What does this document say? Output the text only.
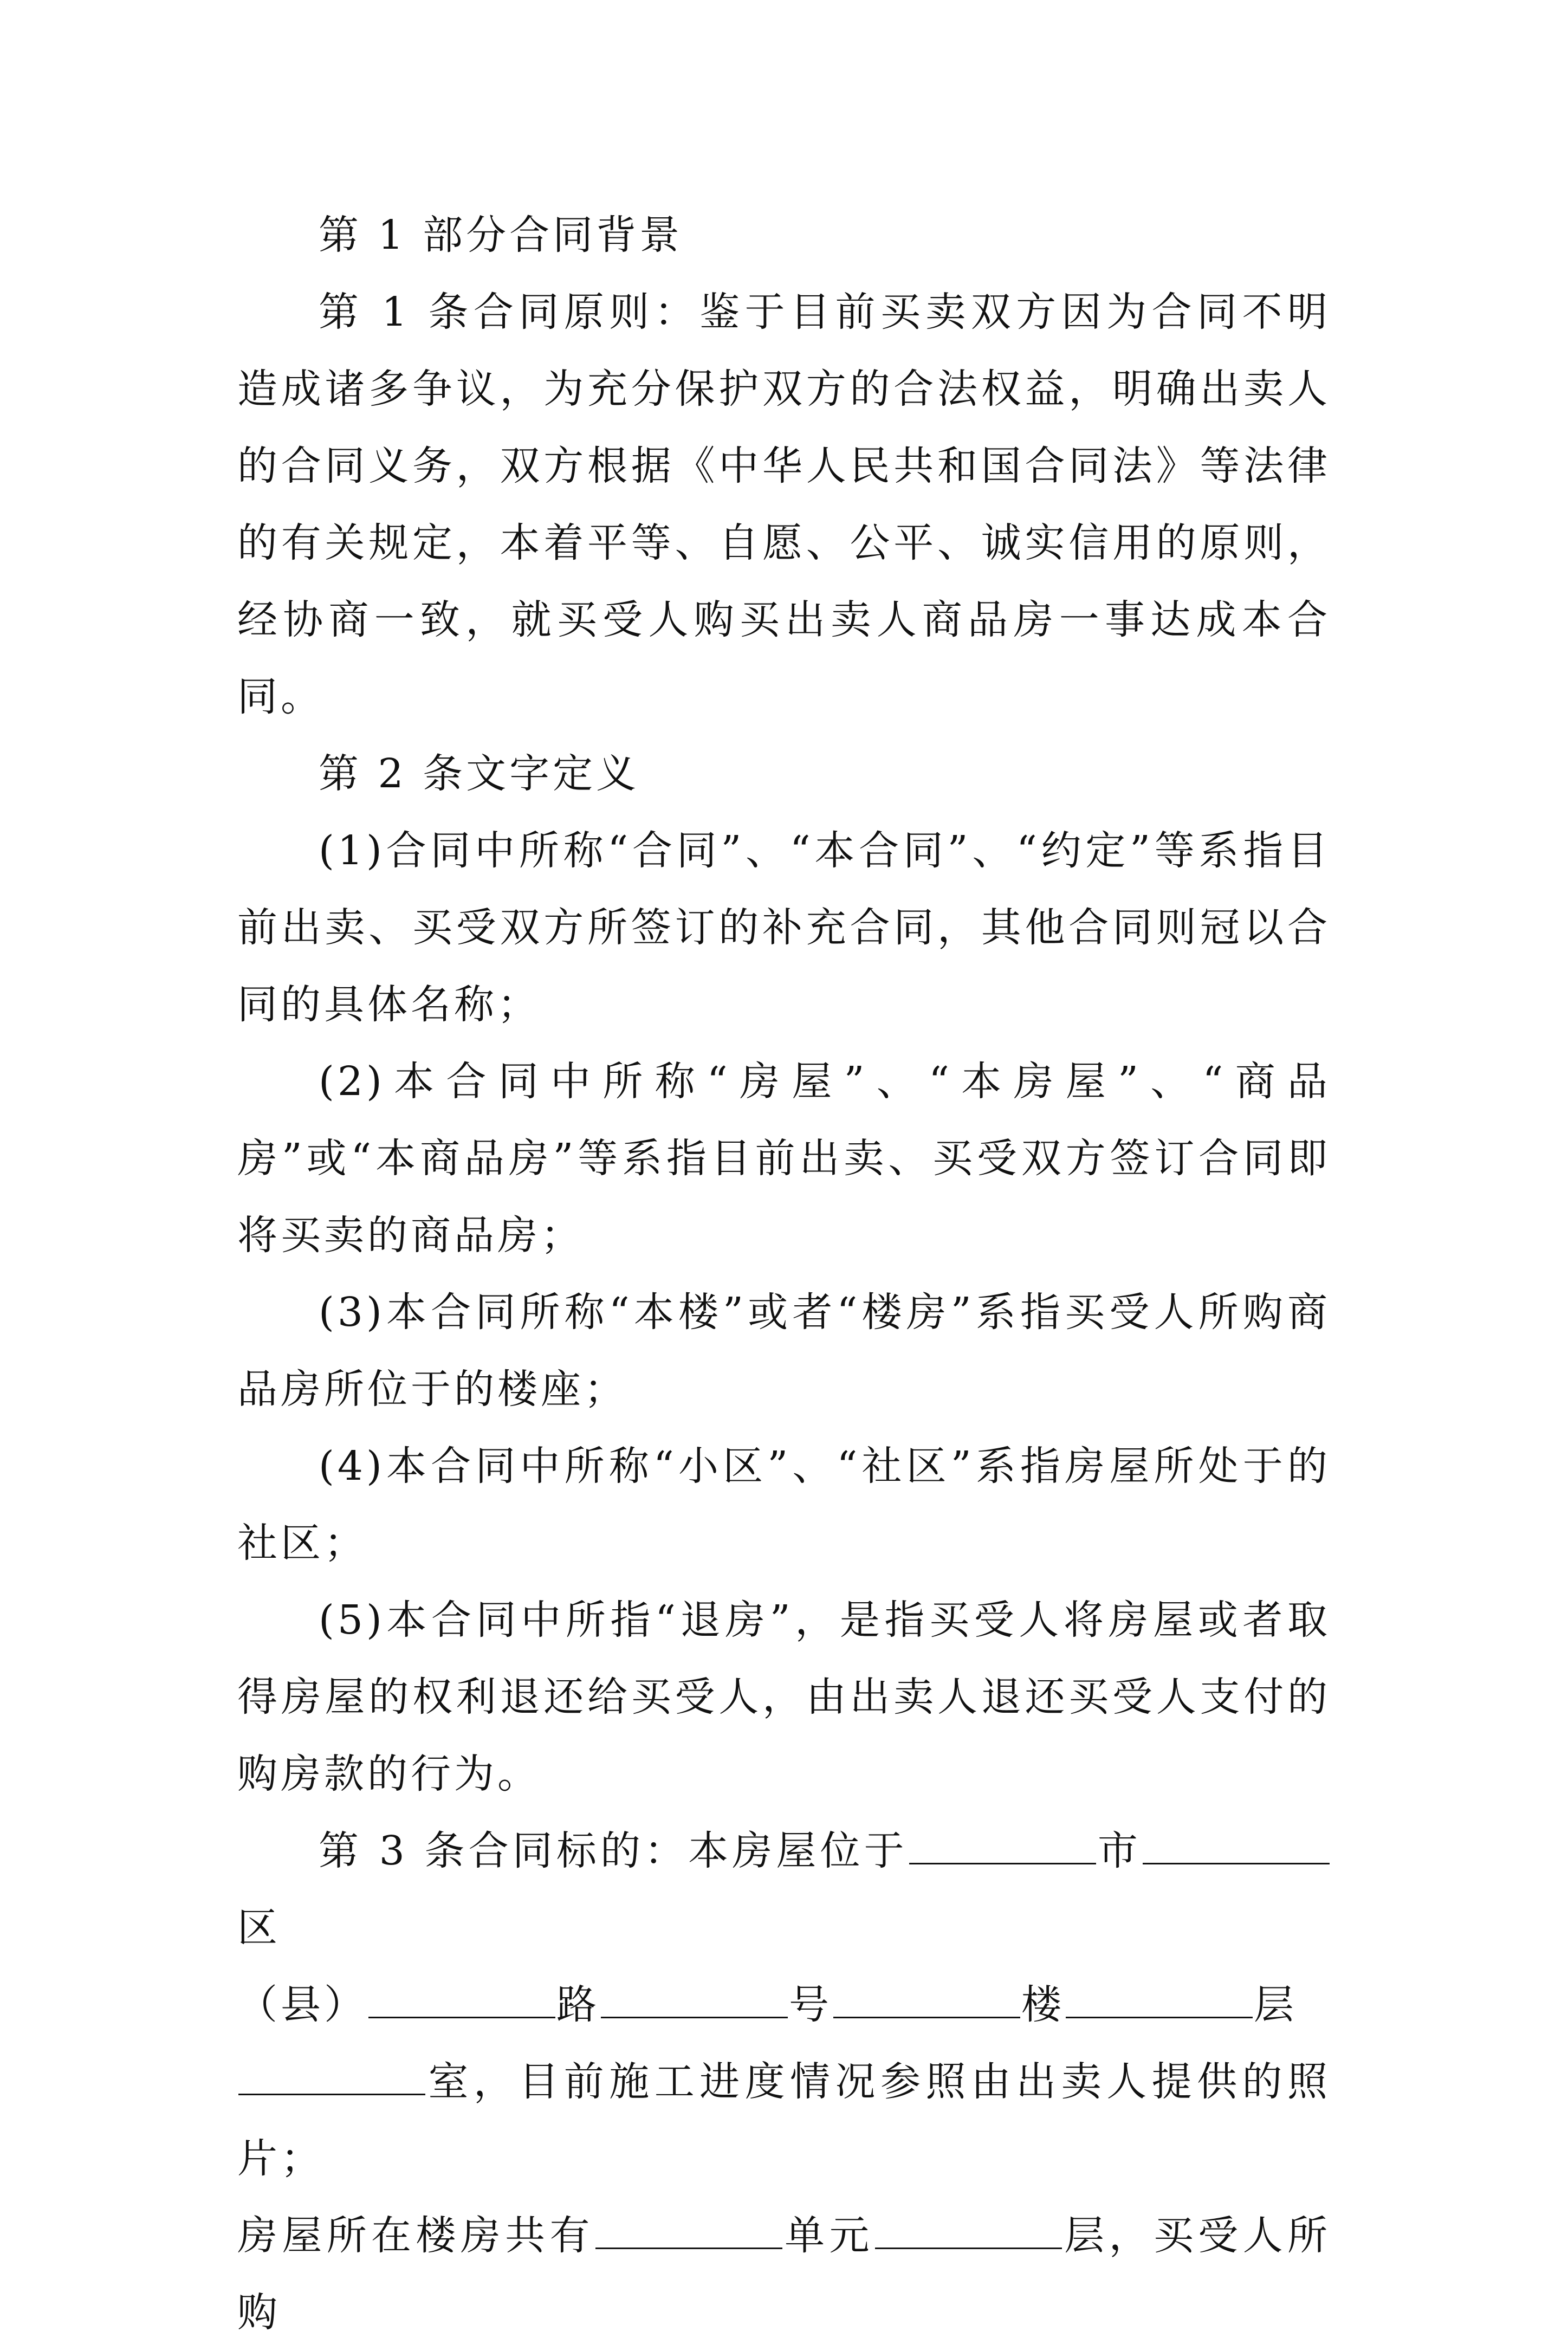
第 1 部分合同背景

第 1 条合同原则：鉴于目前买卖双方因为合同不明造成诸多争议，为充分保护双方的合法权益，明确出卖人的合同义务，双方根据《中华人民共和国合同法》等法律的有关规定，本着平等、自愿、公平、诚实信用的原则，经协商一致，就买受人购买出卖人商品房一事达成本合同。

第 2 条文字定义

(1)合同中所称“合同”、“本合同”、“约定”等系指目前出卖、买受双方所签订的补充合同，其他合同则冠以合同的具体名称；

(2)本合同中所称“房屋”、“本房屋”、“商品房”或“本商品房”等系指目前出卖、买受双方签订合同即将买卖的商品房；

(3)本合同所称“本楼”或者“楼房”系指买受人所购商品房所位于的楼座；

(4)本合同中所称“小区”、“社区”系指房屋所处于的社区；

(5)本合同中所指“退房”，是指买受人将房屋或者取得房屋的权利退还给买受人，由出卖人退还买受人支付的购房款的行为。

第 3 条合同标的：本房屋位于	市区
（县）	路	号	楼	层
室，目前施工进度情况参照由出卖人提供的照片；
房屋所在楼房共有	单元	层，买受人所购
